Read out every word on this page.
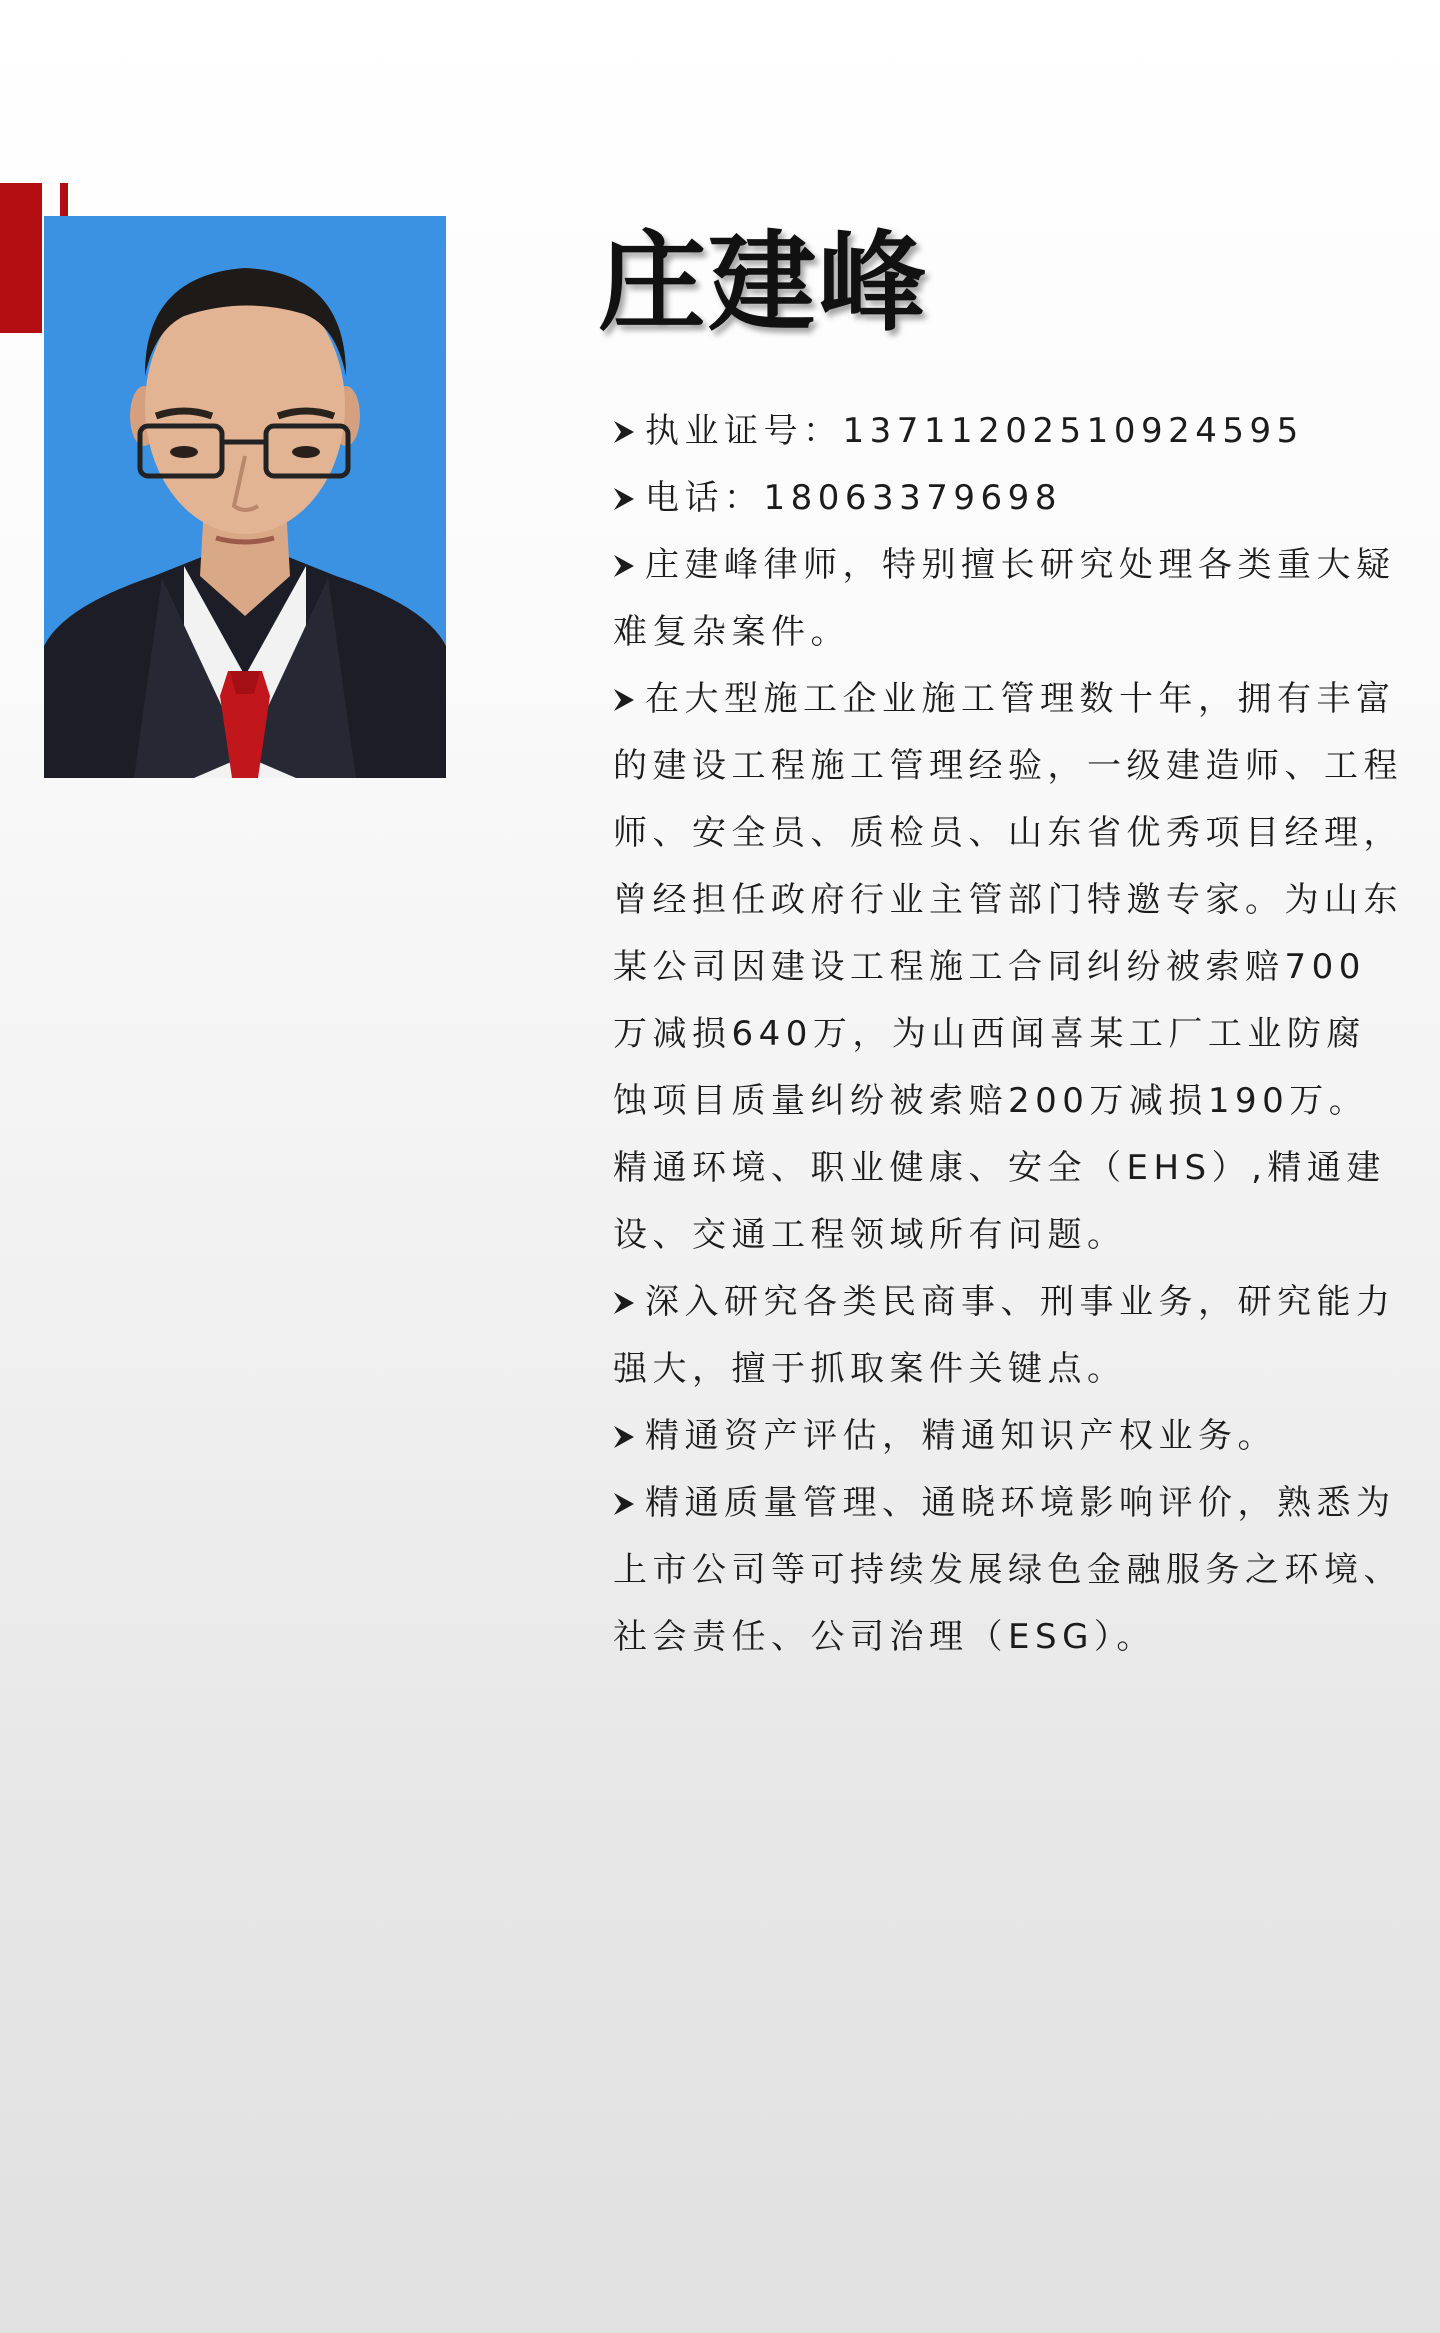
庄建峰

执业证号：13711202510924595

电话：18063379698

庄建峰律师，特别擅长研究处理各类重大疑难复杂案件。

在大型施工企业施工管理数十年，拥有丰富的建设工程施工管理经验，一级建造师、工程师、安全员、质检员、山东省优秀项目经理，曾经担任政府行业主管部门特邀专家。为山东某公司因建设工程施工合同纠纷被索赔700万减损640万，为山西闻喜某工厂工业防腐蚀项目质量纠纷被索赔200万减损190万。精通环境、职业健康、安全（EHS）,精通建设、交通工程领域所有问题。

深入研究各类民商事、刑事业务，研究能力强大，擅于抓取案件关键点。

精通资产评估，精通知识产权业务。

精通质量管理、通晓环境影响评价，熟悉为上市公司等可持续发展绿色金融服务之环境、社会责任、公司治理（ESG）。
